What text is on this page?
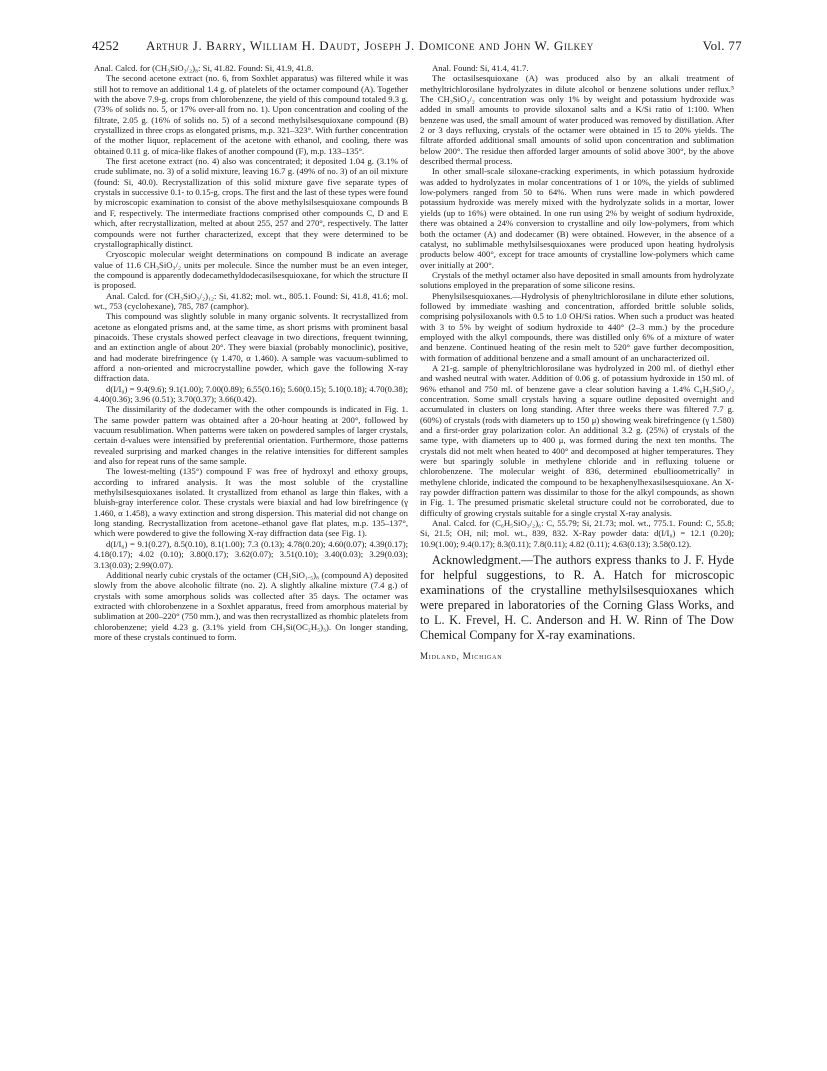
4252 Arthur J. Barry, William H. Daudt, Joseph J. Domicone and John W. Gilkey	Vol. 77

Anal. Calcd. for (CH₃SiO₃/₂)₈: Si, 41.82. Found: Si, 41.9, 41.8.

The second acetone extract (no. 6, from Soxhlet apparatus) was filtered while it was still hot to remove an additional 1.4 g. of platelets of the octamer compound (A). Together with the above 7.9-g. crops from chlorobenzene, the yield of this compound totaled 9.3 g. (73% of solids no. 5, or 17% over-all from no. 1). Upon concentration and cooling of the filtrate, 2.05 g. (16% of solids no. 5) of a second methylsilsesquioxane compound (B) crystallized in three crops as elongated prisms, m.p. 321–323°. With further concentration of the mother liquor, replacement of the acetone with ethanol, and cooling, there was obtained 0.11 g. of mica-like flakes of another compound (F), m.p. 133–135°.

The first acetone extract (no. 4) also was concentrated; it deposited 1.04 g. (3.1% of crude sublimate, no. 3) of a solid mixture, leaving 16.7 g. (49% of no. 3) of an oil mixture (found: Si, 40.0). Recrystallization of this solid mixture gave five separate types of crystals in successive 0.1- to 0.15-g. crops. The first and the last of these types were found by microscopic examination to consist of the above methylsilsesquioxane compounds B and F, respectively. The intermediate fractions comprised other compounds C, D and E which, after recrystallization, melted at about 255, 257 and 270°, respectively. The latter compounds were not further characterized, except that they were determined to be crystallographically distinct.

Cryoscopic molecular weight determinations on compound B indicate an average value of 11.6 CH₃SiO₃/₂ units per molecule. Since the number must be an even integer, the compound is apparently dodecamethyldodecasilsesquioxane, for which the structure II is proposed.

Anal. Calcd. for (CH₃SiO₃/₂)₁₂: Si, 41.82; mol. wt., 805.1. Found: Si, 41.8, 41.6; mol. wt., 753 (cyclohexane), 785, 787 (camphor).

This compound was slightly soluble in many organic solvents. It recrystallized from acetone as elongated prisms and, at the same time, as short prisms with prominent basal pinacoids. These crystals showed perfect cleavage in two directions, frequent twinning, and an extinction angle of about 20°. They were biaxial (probably monoclinic), positive, and had moderate birefringence (γ 1.470, α 1.460). A sample was vacuum-sublimed to afford a non-oriented and microcrystalline powder, which gave the following X-ray diffraction data.

d(I/I₀) = 9.4(9.6); 9.1(1.00); 7.00(0.89); 6.55(0.16); 5.60(0.15); 5.10(0.18); 4.70(0.38); 4.40(0.36); 3.96 (0.51); 3.70(0.37); 3.66(0.42).

The dissimilarity of the dodecamer with the other compounds is indicated in Fig. 1. The same powder pattern was obtained after a 20-hour heating at 200°, followed by vacuum resublimation. When patterns were taken on powdered samples of larger crystals, certain d-values were intensified by preferential orientation. Furthermore, those patterns revealed surprising and marked changes in the relative intensities for different samples and also for repeat runs of the same sample.

The lowest-melting (135°) compound F was free of hydroxyl and ethoxy groups, according to infrared analysis. It was the most soluble of the crystalline methylsilsesquioxanes isolated. It crystallized from ethanol as large thin flakes, with a bluish-gray interference color. These crystals were biaxial and had low birefringence (γ 1.460, α 1.458), a wavy extinction and strong dispersion. This material did not change on long standing. Recrystallization from acetone–ethanol gave flat plates, m.p. 135–137°, which were powdered to give the following X-ray diffraction data (see Fig. 1).

d(I/I₀) = 9.1(0.27), 8.5(0.10), 8.1(1.00); 7.3 (0.13); 4.78(0.20); 4.60(0.07); 4.39(0.17); 4.18(0.17); 4.02 (0.10); 3.80(0.17); 3.62(0.07); 3.51(0.10); 3.40(0.03); 3.29(0.03); 3.13(0.03); 2.99(0.07).

Additional nearly cubic crystals of the octamer (CH₃SiO₁.₅)₈ (compound A) deposited slowly from the above alcoholic filtrate (no. 2). A slightly alkaline mixture (7.4 g.) of crystals with some amorphous solids was collected after 35 days. The octamer was extracted with chlorobenzene in a Soxhlet apparatus, freed from amorphous material by sublimation at 200–220° (750 mm.), and was then recrystallized as rhombic platelets from chlorobenzene; yield 4.23 g. (3.1% yield from CH₃Si(OC₂H₅)₃). On longer standing, more of these crystals continued to form.

Anal. Found: Si, 41.4, 41.7.

The octasilsesquioxane (A) was produced also by an alkali treatment of methyltrichlorosilane hydrolyzates in dilute alcohol or benzene solutions under reflux.⁵ The CH₃SiO₃/₂ concentration was only 1% by weight and potassium hydroxide was added in small amounts to provide siloxanol salts and a K/Si ratio of 1:100. When benzene was used, the small amount of water produced was removed by distillation. After 2 or 3 days refluxing, crystals of the octamer were obtained in 15 to 20% yields. The filtrate afforded additional small amounts of solid upon concentration and sublimation below 200°. The residue then afforded larger amounts of solid above 300°, by the above described thermal process.

In other small-scale siloxane-cracking experiments, in which potassium hydroxide was added to hydrolyzates in molar concentrations of 1 or 10%, the yields of sublimed low-polymers ranged from 50 to 64%. When runs were made in which powdered potassium hydroxide was merely mixed with the hydrolyzate solids in a mortar, lower yields (up to 16%) were obtained. In one run using 2% by weight of sodium hydroxide, there was obtained a 24% conversion to crystalline and oily low-polymers, from which both the octamer (A) and dodecamer (B) were obtained. However, in the absence of a catalyst, no sublimable methylsilsesquioxanes were produced upon heating hydrolysis products below 400°, except for trace amounts of crystalline low-polymers which came over initially at 200°.

Crystals of the methyl octamer also have deposited in small amounts from hydrolyzate solutions employed in the preparation of some silicone resins.

Phenylsilsesquioxanes.—Hydrolysis of phenyltrichlorosilane in dilute ether solutions, followed by immediate washing and concentration, afforded brittle soluble solids, comprising polysiloxanols with 0.5 to 1.0 OH/Si ratios. When such a product was heated with 3 to 5% by weight of sodium hydroxide to 440° (2–3 mm.) by the procedure employed with the alkyl compounds, there was distilled only 6% of a mixture of water and benzene. Continued heating of the resin melt to 520° gave further decomposition, with formation of additional benzene and a small amount of an uncharacterized oil.

A 21-g. sample of phenyltrichlorosilane was hydrolyzed in 200 ml. of diethyl ether and washed neutral with water. Addition of 0.06 g. of potassium hydroxide in 150 ml. of 96% ethanol and 750 ml. of benzene gave a clear solution having a 1.4% C₆H₅SiO₃/₂ concentration. Some small crystals having a square outline deposited overnight and accumulated in clusters on long standing. After three weeks there was filtered 7.7 g. (60%) of crystals (rods with diameters up to 150 μ) showing weak birefringence (γ 1.580) and a first-order gray polarization color. An additional 3.2 g. (25%) of crystals of the same type, with diameters up to 400 μ, was formed during the next ten months. The crystals did not melt when heated to 400° and decomposed at higher temperatures. They were but sparingly soluble in methylene chloride and in refluxing toluene or chlorobenzene. The molecular weight of 836, determined ebullioometrically⁷ in methylene chloride, indicated the compound to be hexaphenylhexasilsesquioxane. An X-ray powder diffraction pattern was dissimilar to those for the alkyl compounds, as shown in Fig. 1. The presumed prismatic skeletal structure could not be corroborated, due to difficulty of growing crystals suitable for a single crystal X-ray analysis.

Anal. Calcd. for (C₆H₅SiO₃/₂)₆: C, 55.79; Si, 21.73; mol. wt., 775.1. Found: C, 55.8; Si, 21.5; OH, nil; mol. wt., 839, 832. X-Ray powder data: d(I/I₀) = 12.1 (0.20); 10.9(1.00); 9.4(0.17); 8.3(0.11); 7.8(0.11); 4.82 (0.11); 4.63(0.13); 3.58(0.12).

Acknowledgment.—The authors express thanks to J. F. Hyde for helpful suggestions, to R. A. Hatch for microscopic examinations of the crystalline methylsilsesquioxanes which were prepared in laboratories of the Corning Glass Works, and to L. K. Frevel, H. C. Anderson and H. W. Rinn of The Dow Chemical Company for X-ray examinations.

Midland, Michigan
